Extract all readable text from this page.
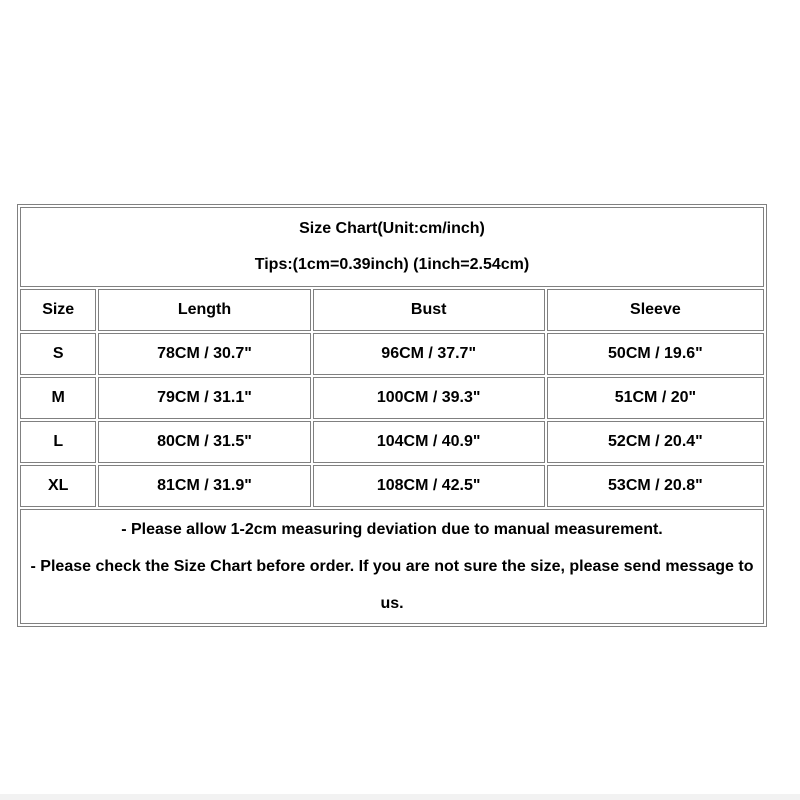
Size Chart(Unit:cm/inch)
Tips:(1cm=0.39inch) (1inch=2.54cm)			

Size	Length	Bust	Sleeve
S	78CM / 30.7"	96CM / 37.7"	50CM / 19.6"
M	79CM / 31.1"	100CM / 39.3"	51CM / 20"
L	80CM / 31.5"	104CM / 40.9"	52CM / 20.4"
XL	81CM / 31.9"	108CM / 42.5"	53CM / 20.8"

- Please allow 1-2cm measuring deviation due to manual measurement.
- Please check the Size Chart before order. If you are not sure the size, please send message to us.			
